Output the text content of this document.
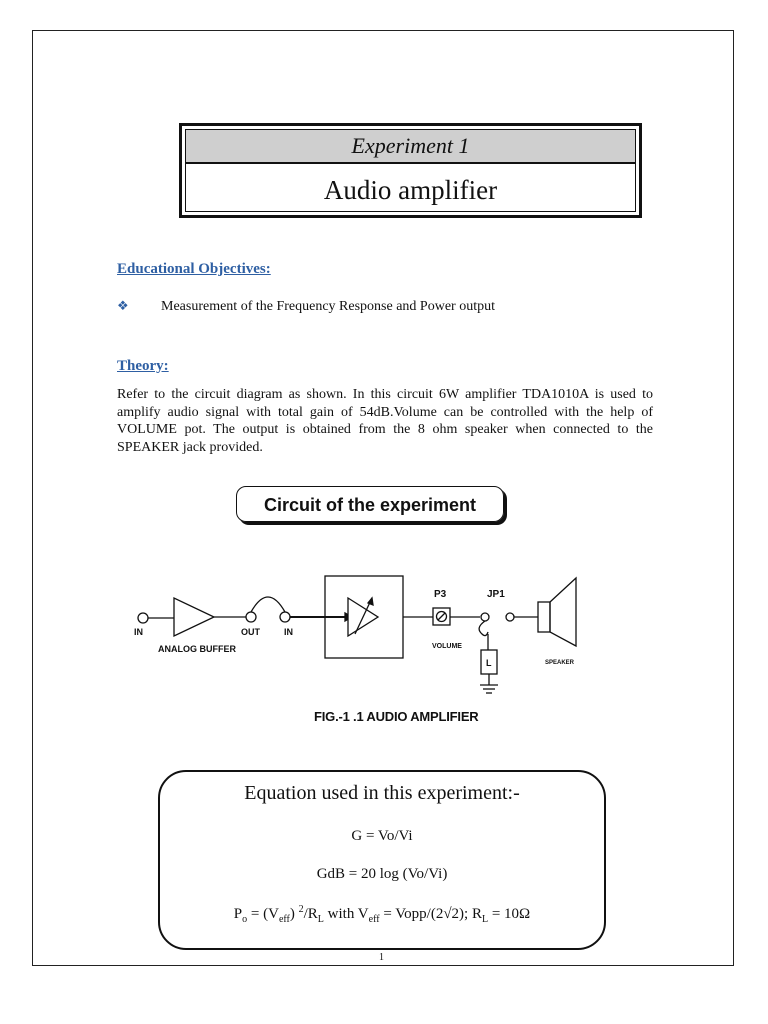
Experiment 1
Audio amplifier
Educational Objectives:
❖ Measurement of the Frequency Response and Power output
Theory:
Refer to the circuit diagram as shown. In this circuit 6W amplifier TDA1010A is used to amplify audio signal with total gain of 54dB.Volume can be controlled with the help of VOLUME pot. The output is obtained from the 8 ohm speaker when connected to the SPEAKER jack provided.
Circuit of the experiment
IN	OUT	IN
ANALOG BUFFER
P3	JP1
VOLUME
L	SPEAKER
FIG.-1 .1 AUDIO AMPLIFIER
Equation used in this experiment:-
G = Vo/Vi
GdB = 20 log (Vo/Vi)
$P_o = (V_{eff})$ $^2/R_L$ with $V_{eff}$ = Vopp/(2√2); $R_L = 10\Omega$
1
